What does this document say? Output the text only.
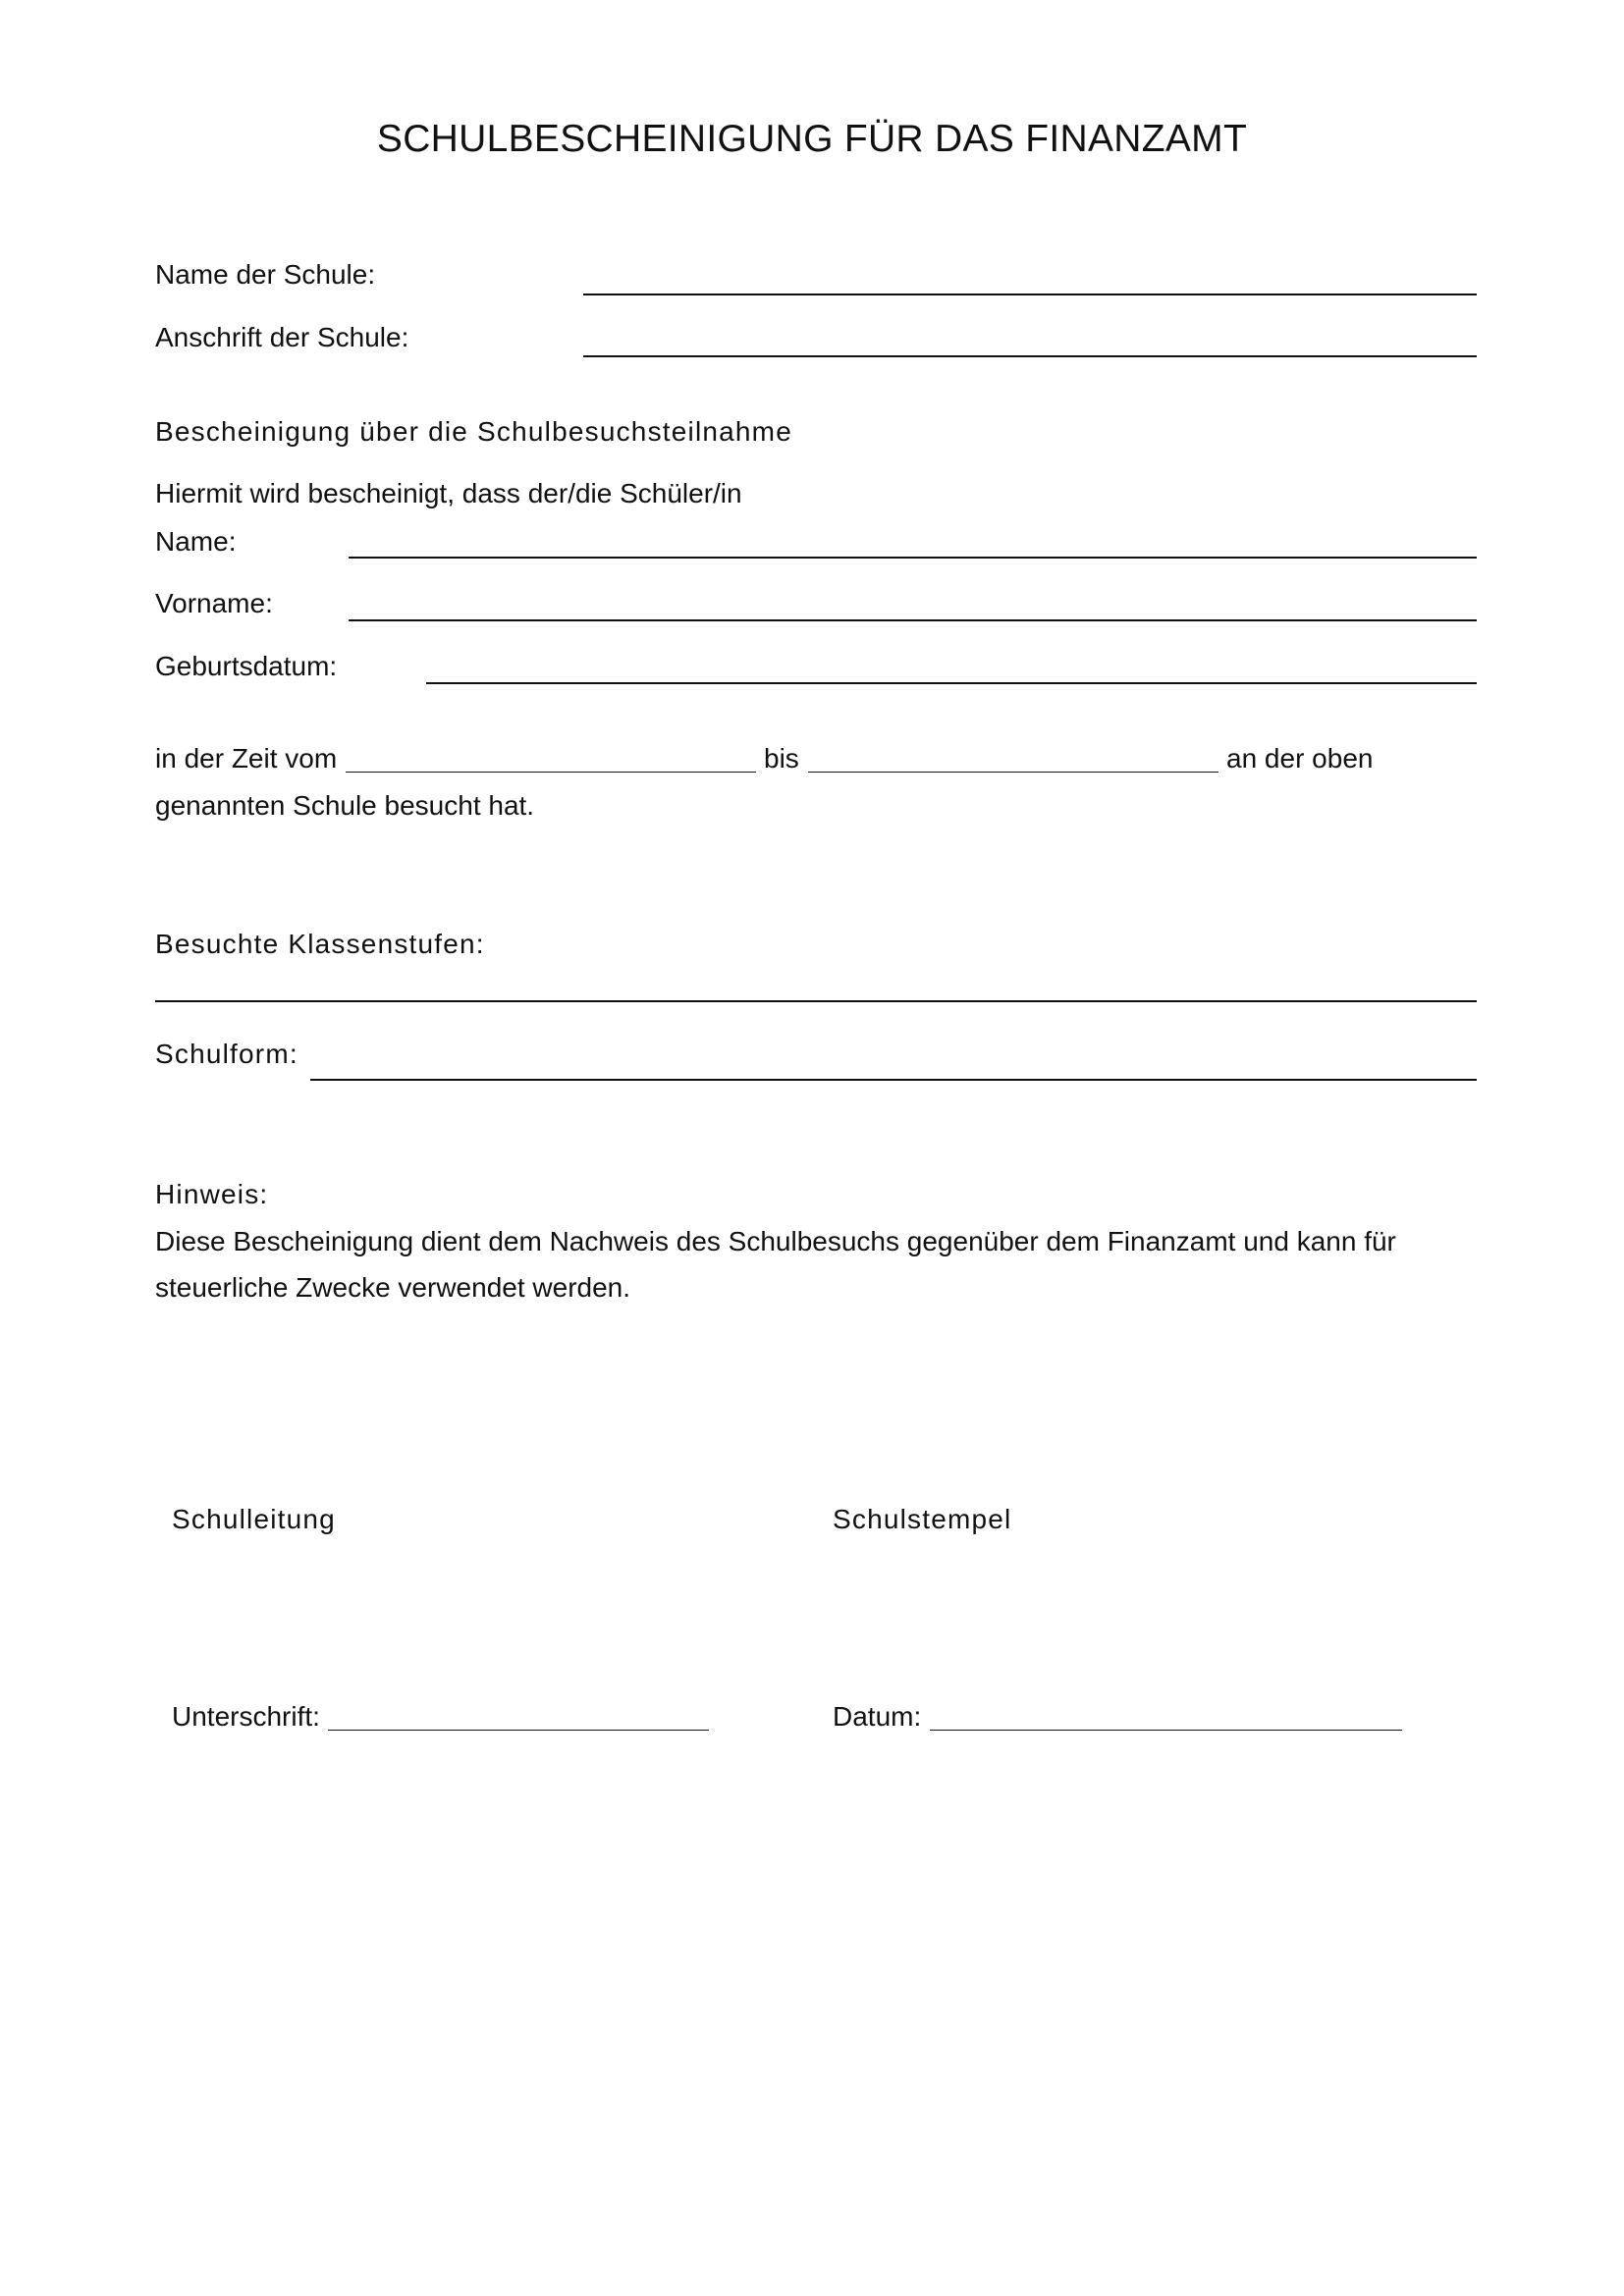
SCHULBESCHEINIGUNG FÜR DAS FINANZAMT
Name der Schule:
Anschrift der Schule:
Bescheinigung über die Schulbesuchsteilnahme
Hiermit wird bescheinigt, dass der/die Schüler/in
Name:
Vorname:
Geburtsdatum:
in der Zeit vom	bis	an der oben
genannten Schule besucht hat.
Besuchte Klassenstufen:
Schulform:
Hinweis:
Diese Bescheinigung dient dem Nachweis des Schulbesuchs gegenüber dem Finanzamt und kann für
steuerliche Zwecke verwendet werden.
Schulleitung	Schulstempel
Unterschrift:	Datum:
